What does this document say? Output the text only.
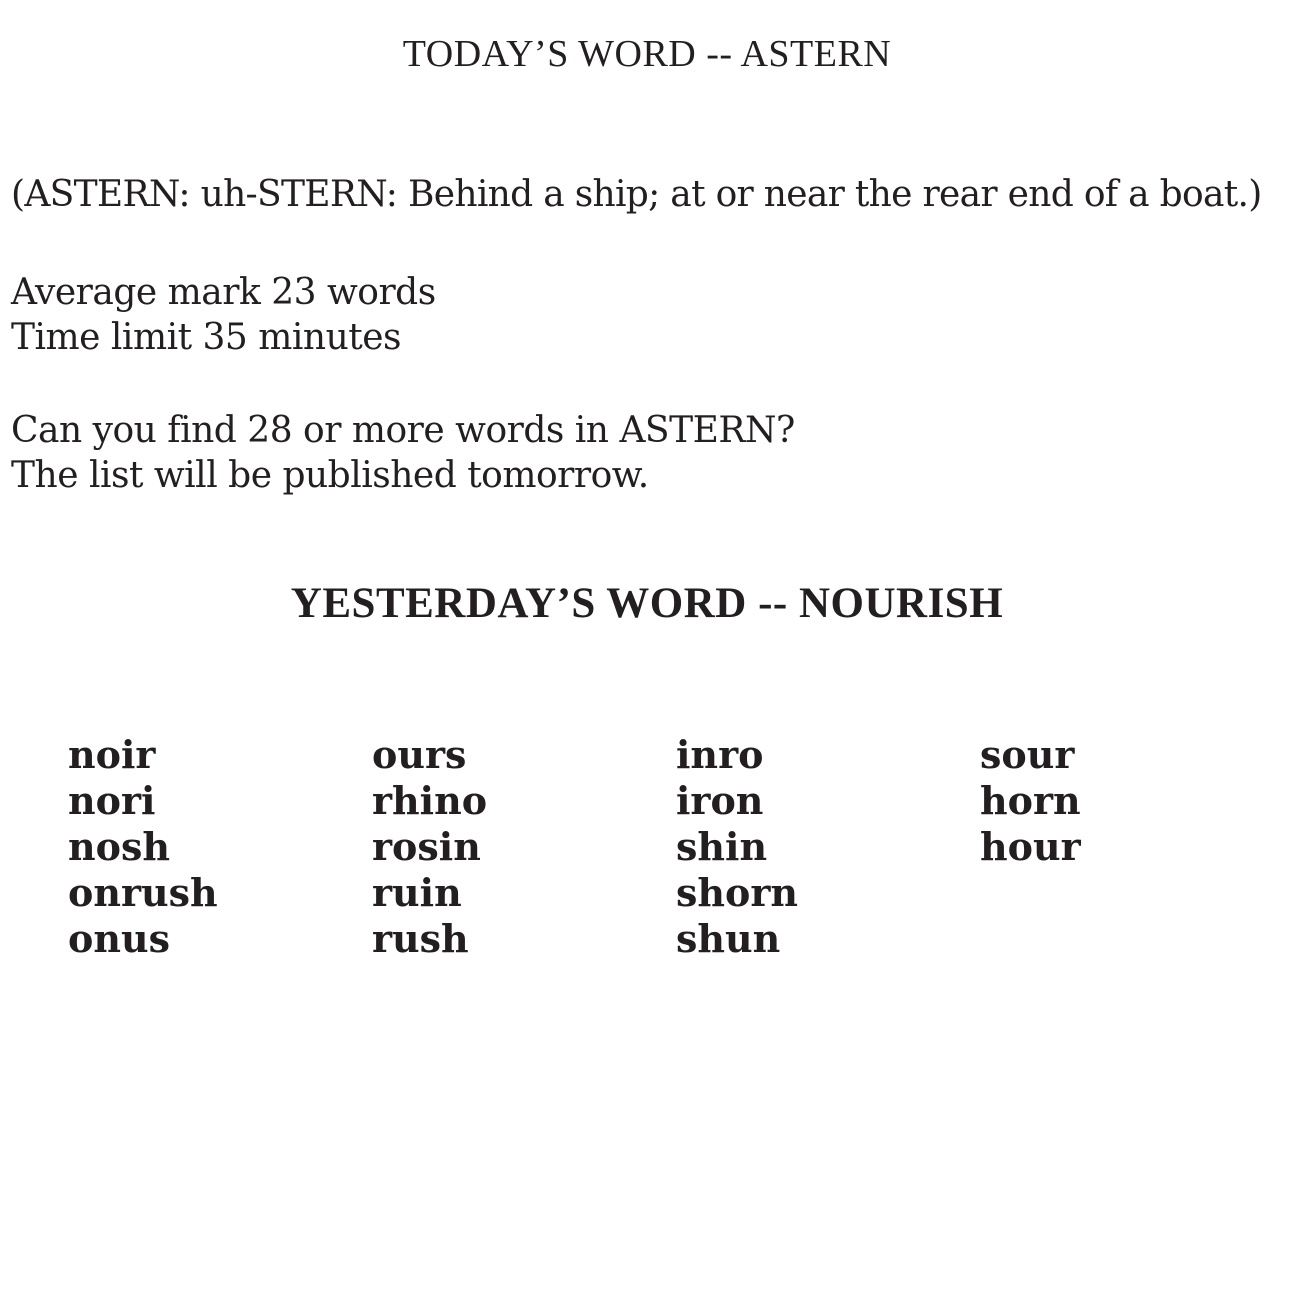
TODAY’S WORD -- ASTERN
(ASTERN: uh-STERN: Behind a ship; at or near the rear end of a boat.)
Average mark 23 words
Time limit 35 minutes
Can you find 28 or more words in ASTERN?
The list will be published tomorrow.
YESTERDAY’S WORD -- NOURISH
noir
nori
nosh
onrush
onus
ours
rhino
rosin
ruin
rush
inro
iron
shin
shorn
shun
sour
horn
hour
